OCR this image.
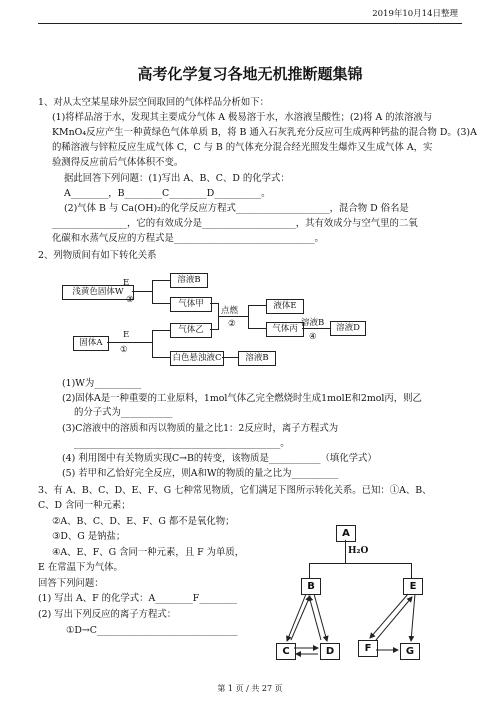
2019年10月14日整理
高考化学复习各地无机推断题集锦
1、对从太空某星球外层空间取回的气体样品分析如下：
(1)将样品溶于水，发现其主要成分气体 A 极易溶于水，水溶液呈酸性；(2)将 A 的浓溶液与
KMnO₄反应产生一种黄绿色气体单质 B，将 B 通入石灰乳充分反应可生成两种钙盐的混合物 D。(3)A
的稀溶液与锌粒反应生成气体 C，C 与 B 的气体充分混合经光照发生爆炸又生成气体 A，实
验测得反应前后气体体积不变。
据此回答下列问题：(1)写出 A、B、C、D 的化学式：
A________，B________C________D__________。
(2)气体 B 与 Ca(OH)₂的化学反应方程式____________________，混合物 D 俗名是
________________，它的有效成分是____________________，其有效成分与空气里的二氧
化碳和水蒸气反应的方程式是______________________________。
2、列物质间有如下转化关系
浅黄色固体W
E
③
溶液B
气体甲
固体A
E
①
气体乙
白色悬浊液C	溶液B
点燃
②
液体E
气体丙
溶液B
④
溶液D
(1)W为__________
(2)固体A是一种重要的工业原料，1mol气体乙完全燃烧时生成1molE和2mol丙，则乙
的分子式为___________
(3)C溶液中的溶质和丙以物质的量之比1：2反应时，离子方程式为
____________________________________________。
(4) 利用图中有关物质实现C→B的转变，该物质是___________（填化学式）
(5) 若甲和乙恰好完全反应，则A和W的物质的量之比为__________
3、有 A、B、C、D、E、F、G 七种常见物质，它们满足下图所示转化关系。已知：①A、B、
C、D 含同一种元素；
②A、B、C、D、E、F、G 都不是氧化物；
③D、G 是钠盐；
④A、E、F、G 含同一种元素，且 F 为单质，
E 在常温下为气体。
回答下列问题：
(1) 写出 A、F 的化学式：A________F________
(2) 写出下列反应的离子方程式：
①D→C______________________________
A
H₂O
B	E
C	D	F	G
第 1 页 / 共 27 页
